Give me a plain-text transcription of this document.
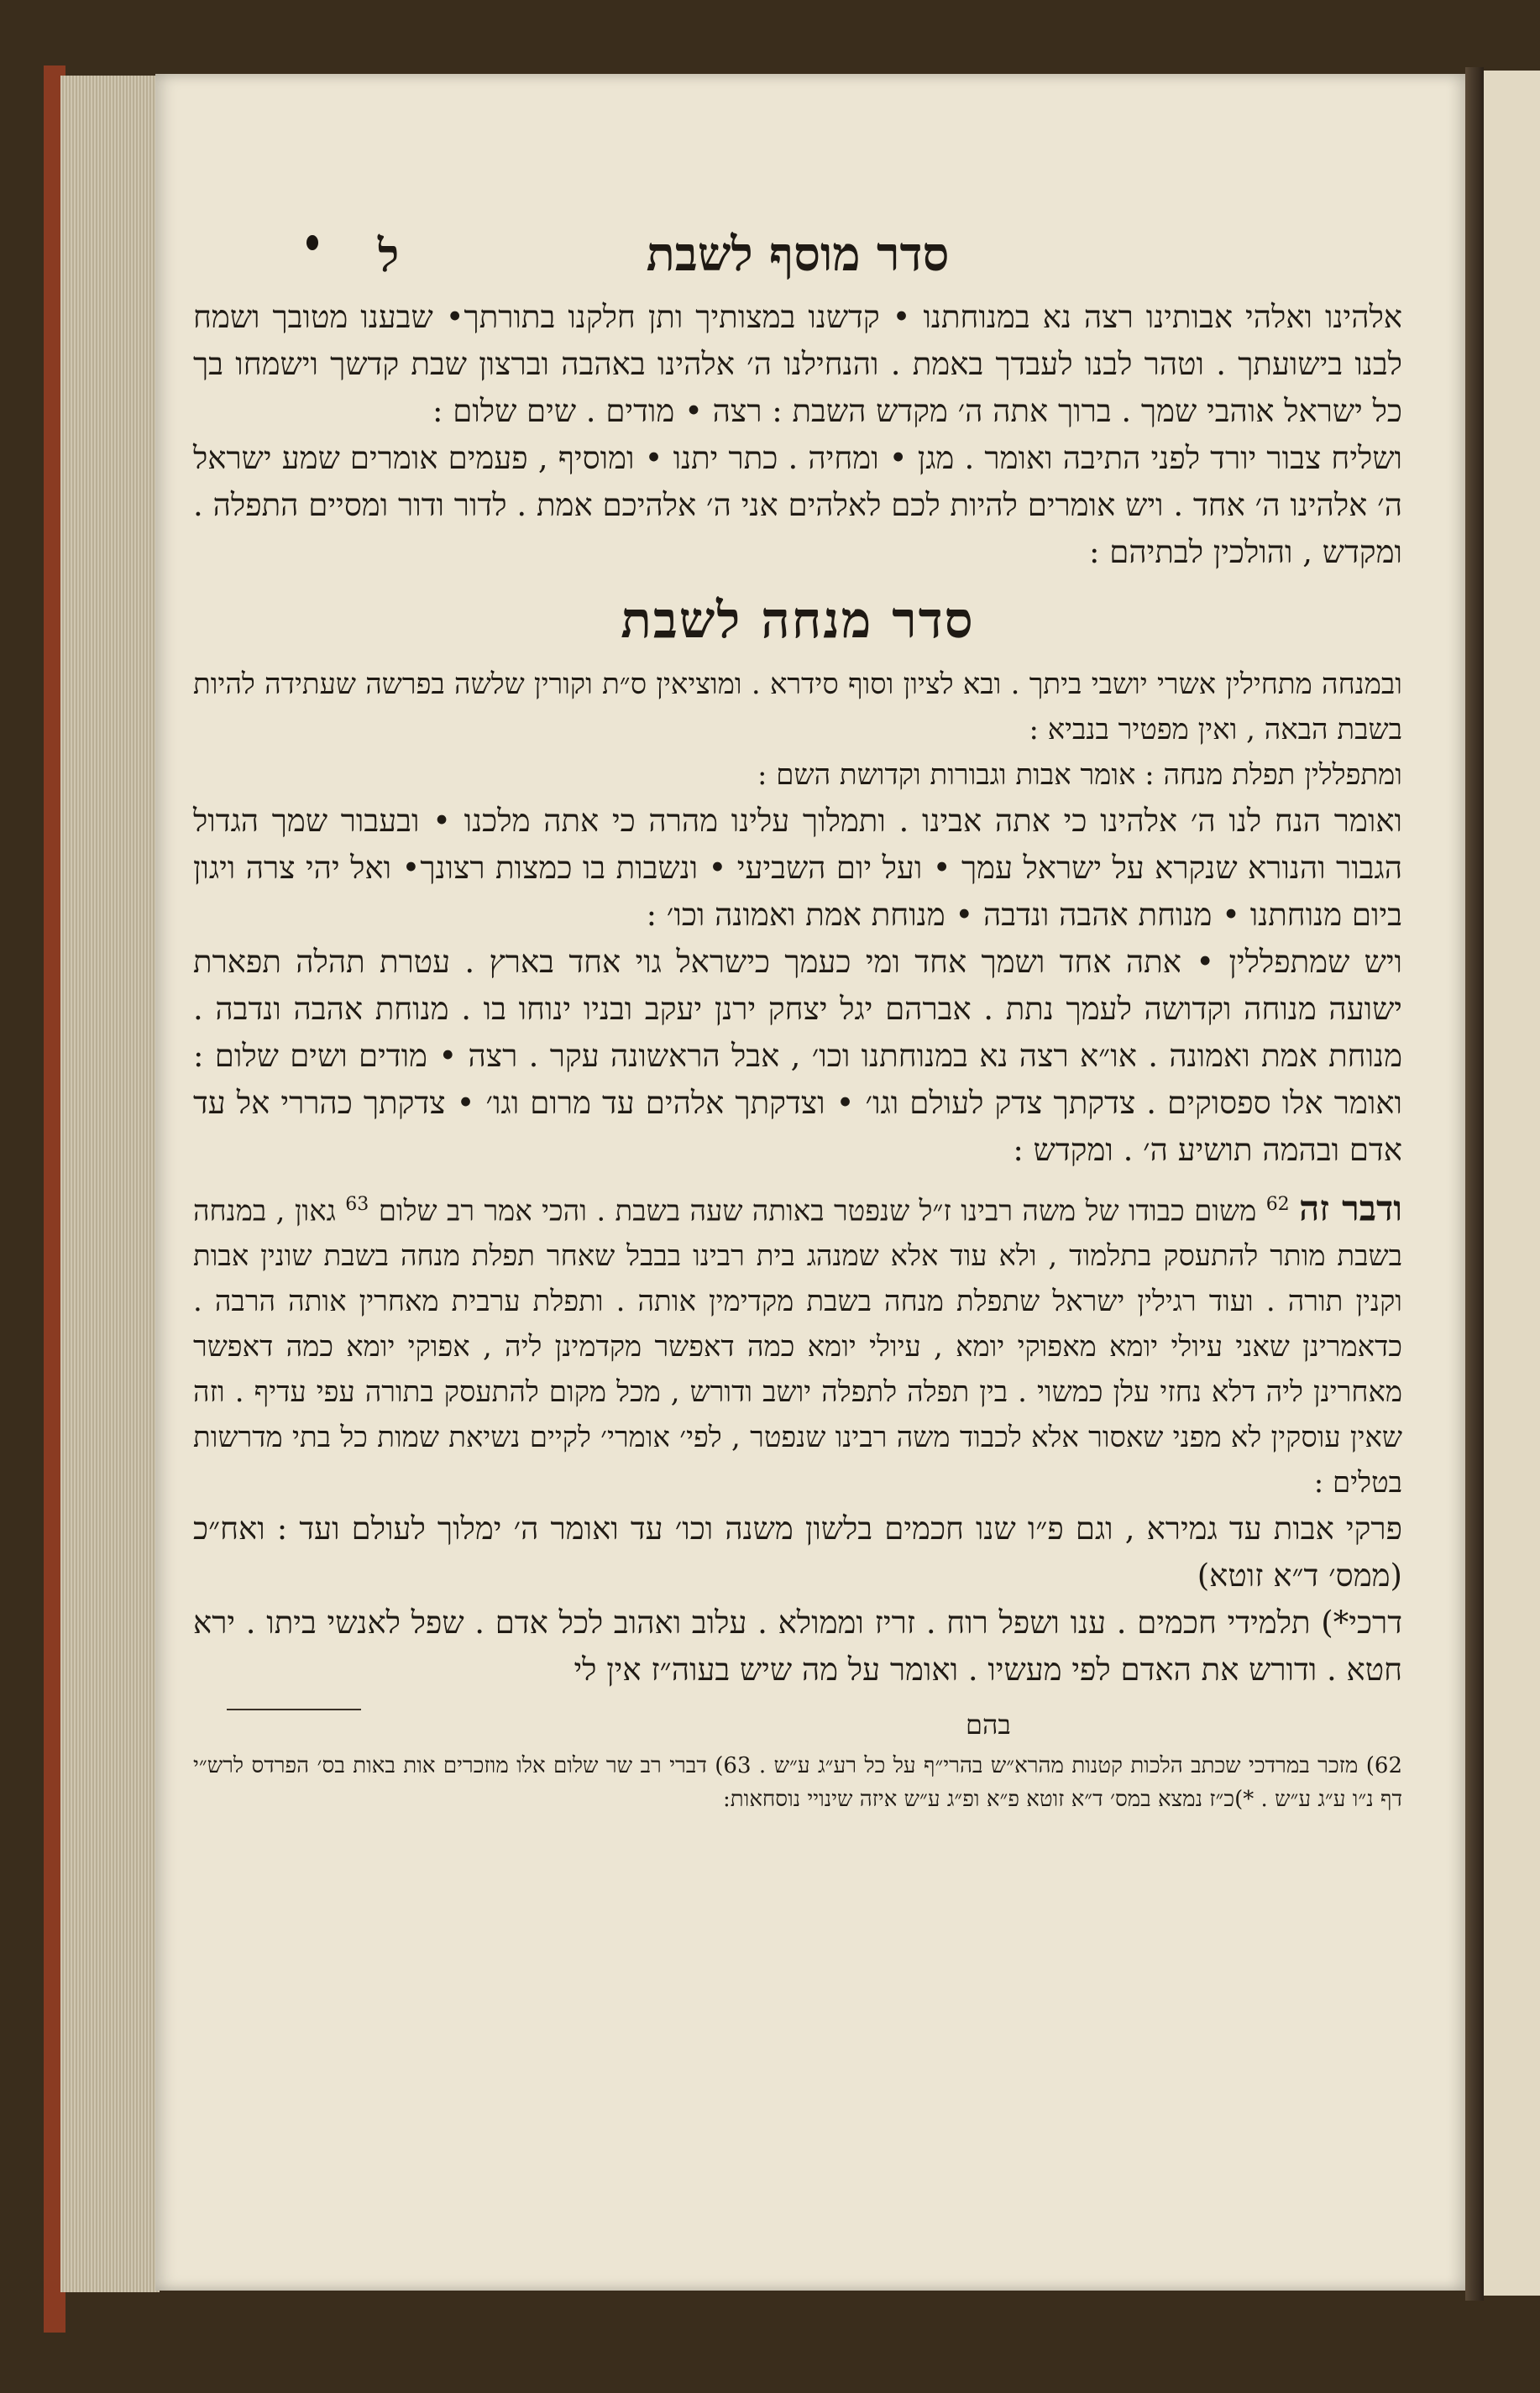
ל	סדר מוסף לשבת

אלהינו ואלהי אבותינו רצה נא במנוחתנו • קדשנו במצותיך ותן חלקנו בתורתך• שבענו מטובך ושמח לבנו בישועתך . וטהר לבנו לעבדך באמת . והנחילנו ה׳ אלהינו באהבה וברצון שבת קדשך וישמחו בך כל ישראל אוהבי שמך . ברוך אתה ה׳ מקדש השבת : רצה • מודים . שים שלום :

ושליח צבור יורד לפני התיבה ואומר . מגן • ומחיה . כתר יתנו • ומוסיף , פעמים אומרים שמע ישראל ה׳ אלהינו ה׳ אחד . ויש אומרים להיות לכם לאלהים אני ה׳ אלהיכם אמת . לדור ודור ומסיים התפלה . ומקדש , והולכין לבתיהם :

סדר מנחה לשבת

ובמנחה מתחילין אשרי יושבי ביתך . ובא לציון וסוף סידרא . ומוציאין ס״ת וקורין שלשה בפרשה שעתידה להיות בשבת הבאה , ואין מפטיר בנביא :

ומתפללין תפלת מנחה : אומר אבות וגבורות וקדושת השם :

ואומר הנח לנו ה׳ אלהינו כי אתה אבינו . ותמלוך עלינו מהרה כי אתה מלכנו • ובעבור שמך הגדול הגבור והנורא שנקרא על ישראל עמך • ועל יום השביעי • ונשבות בו כמצות רצונך• ואל יהי צרה ויגון ביום מנוחתנו • מנוחת אהבה ונדבה • מנוחת אמת ואמונה וכו׳ :

ויש שמתפללין • אתה אחד ושמך אחד ומי כעמך כישראל גוי אחד בארץ . עטרת תהלה תפארת ישועה מנוחה וקדושה לעמך נתת . אברהם יגל יצחק ירנן יעקב ובניו ינוחו בו . מנוחת אהבה ונדבה . מנוחת אמת ואמונה . או״א רצה נא במנוחתנו וכו׳ , אבל הראשונה עקר . רצה • מודים ושים שלום : ואומר אלו ספסוקים . צדקתך צדק לעולם וגו׳ • וצדקתך אלהים עד מרום וגו׳ • צדקתך כהררי אל עד אדם ובהמה תושיע ה׳ . ומקדש :

ודבר זה $^{62}$ משום כבודו של משה רבינו ז״ל שנפטר באותה שעה בשבת . והכי אמר רב שלום $^{63}$ גאון , במנחה בשבת מותר להתעסק בתלמוד , ולא עוד אלא שמנהג בית רבינו בבבל שאחר תפלת מנחה בשבת שונין אבות וקנין תורה . ועוד רגילין ישראל שתפלת מנחה בשבת מקדימין אותה . ותפלת ערבית מאחרין אותה הרבה . כדאמרינן שאני עיולי יומא מאפוקי יומא , עיולי יומא כמה דאפשר מקדמינן ליה , אפוקי יומא כמה דאפשר מאחרינן ליה דלא נחזי עלן כמשוי . בין תפלה לתפלה יושב ודורש , מכל מקום להתעסק בתורה עפי עדיף . וזה שאין עוסקין לא מפני שאסור אלא לכבוד משה רבינו שנפטר , לפי׳ אומרי׳ לקיים נשיאת שמות כל בתי מדרשות בטלים :

פרקי אבות עד גמירא , וגם פ״ו שנו חכמים בלשון משנה וכו׳ עד ואומר ה׳ ימלוך לעולם ועד : ואח״כ (ממס׳ ד״א זוטא)

דרכי*) תלמידי חכמים . ענו ושפל רוח . זריז וממולא . עלוב ואהוב לכל אדם . שפל לאנשי ביתו . ירא חטא . ודורש את האדם לפי מעשיו . ואומר על מה שיש בעוה״ז אין לי

בהם

62) מזכר במרדכי שכתב הלכות קטנות מהרא״ש בהרי״ף על כל רע״ג ע״ש . 63) דברי רב שר שלום אלו מוזכרים אות באות בס׳ הפרדס לרש״י דף נ״ו ע״ג ע״ש . *)כ״ז נמצא במס׳ ד״א זוטא פ״א ופ״ג ע״ש איזה שינויי נוסחאות:
